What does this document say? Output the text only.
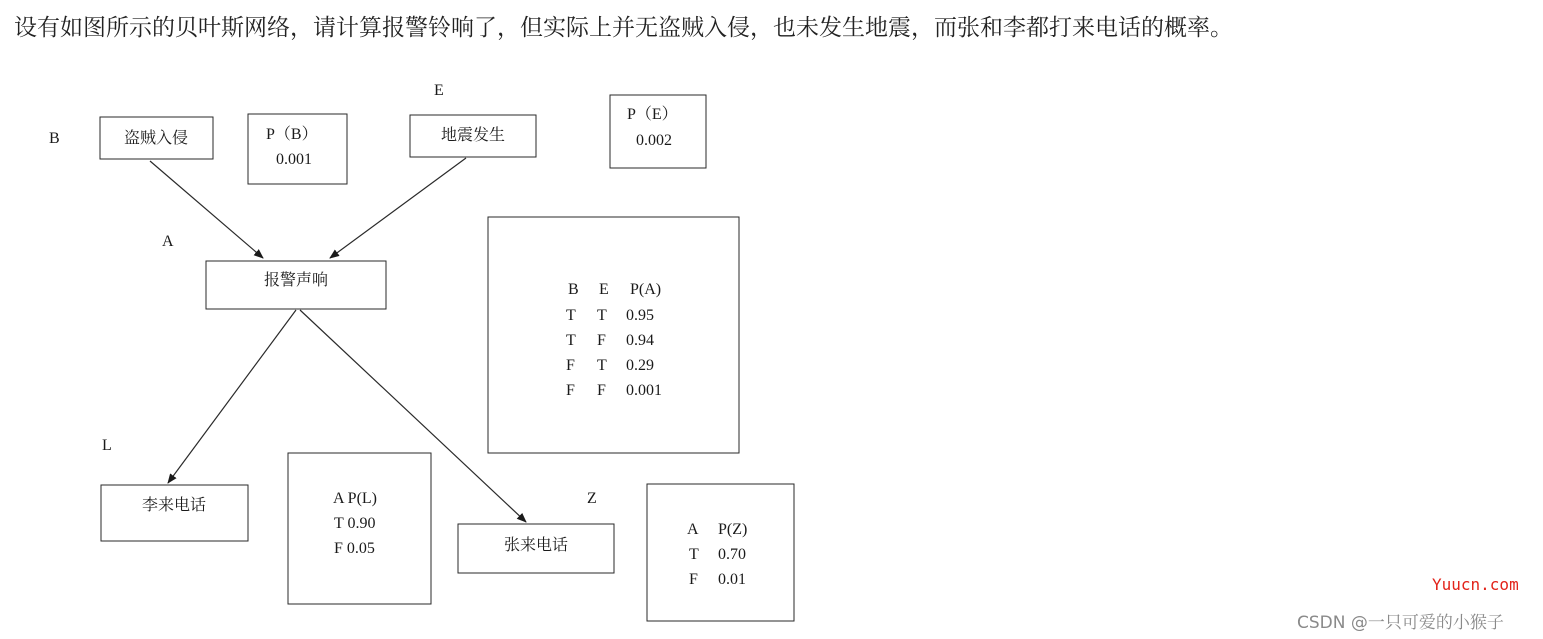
设有如图所示的贝叶斯网络，请计算报警铃响了，但实际上并无盗贼入侵，也未发生地震，而张和李都打来电话的概率。
B
E
A
L
Z
盗贼入侵	地震发生
报警声响
李来电话
张来电话
P（B）
0.001
P（E）
0.002
B E P(A)
T T 0.95
T F 0.94
F T 0.29
F F 0.001
A P(L)
T 0.90
F 0.05
A P(Z)
T 0.70
F 0.01	Yuucn.com
CSDN @一只可爱的小猴子
